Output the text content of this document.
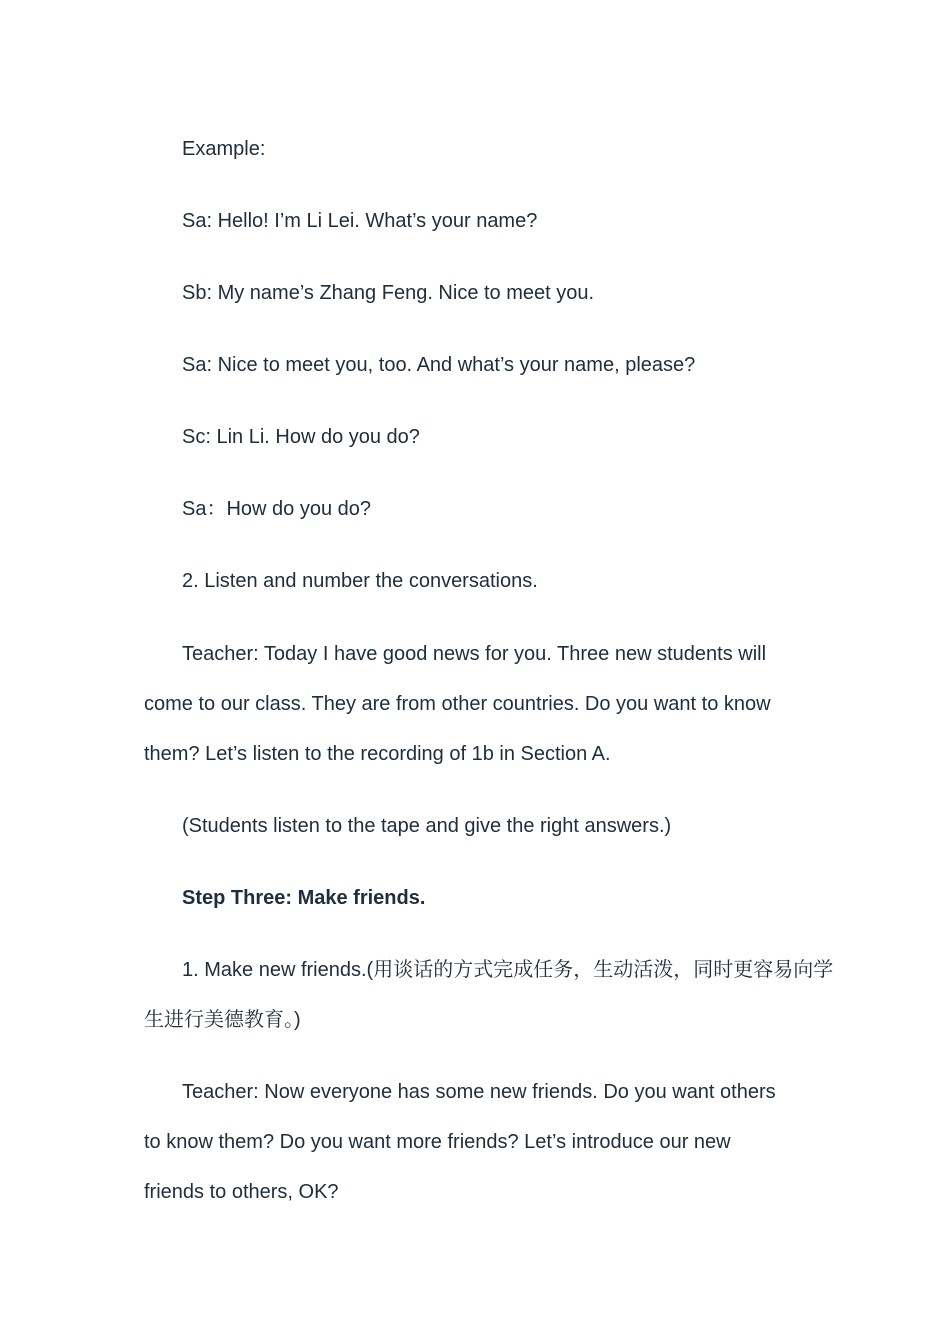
Example:
Sa: Hello! I’m Li Lei. What’s your name?
Sb: My name’s Zhang Feng. Nice to meet you.
Sa: Nice to meet you, too. And what’s your name, please?
Sc: Lin Li. How do you do?
Sa：How do you do?
2. Listen and number the conversations.
Teacher: Today I have good news for you. Three new students will
come to our class. They are from other countries. Do you want to know
them? Let’s listen to the recording of 1b in Section A.
(Students listen to the tape and give the right answers.)
Step Three: Make friends.
1. Make new friends.(用谈话的方式完成任务，生动活泼，同时更容易向学
生进行美德教育。)
Teacher: Now everyone has some new friends. Do you want others
to know them? Do you want more friends? Let’s introduce our new
friends to others, OK?
